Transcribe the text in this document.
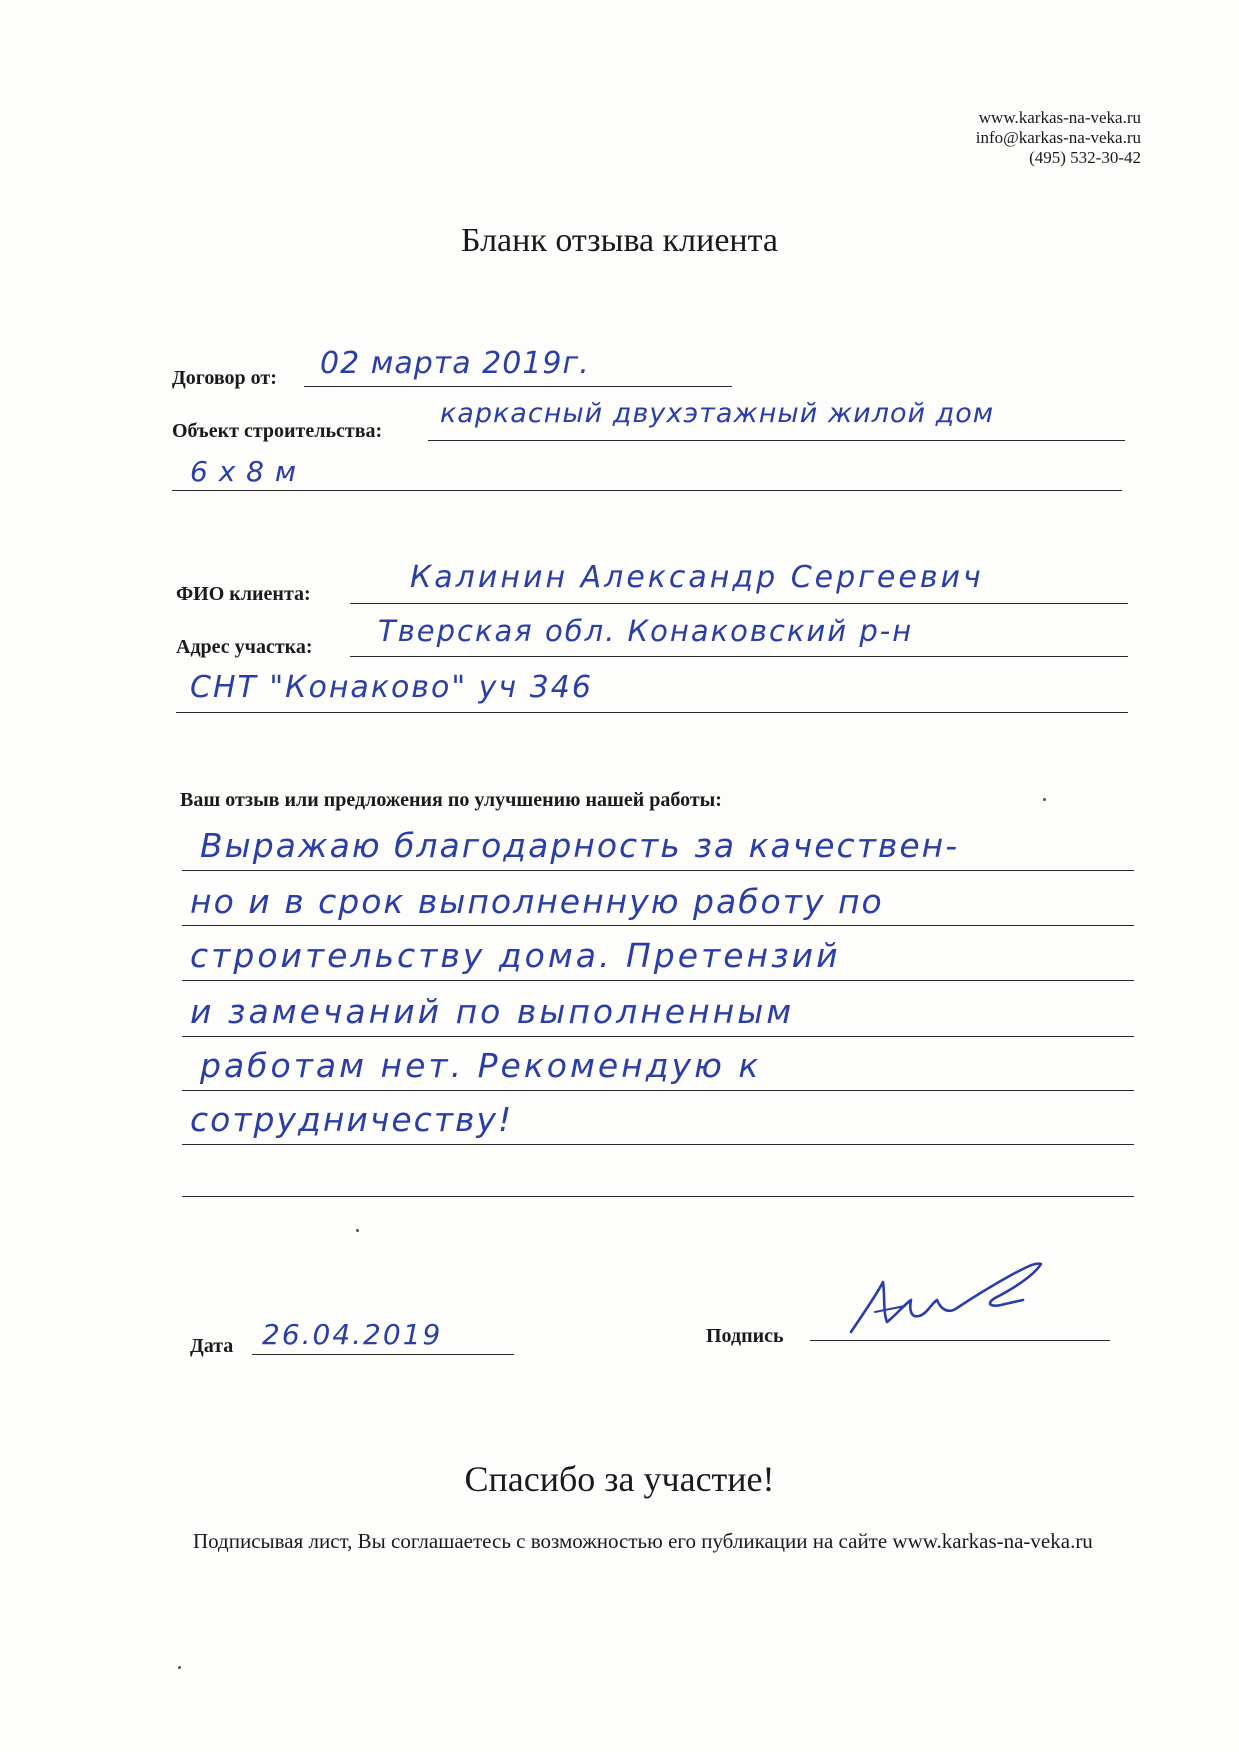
www.karkas-na-veka.ru
info@karkas-na-veka.ru
(495) 532-30-42
Бланк отзыва клиента
Договор от: 02 марта 2019г.
Объект строительства:
каркасный двухэтажный жилой дом
6 х 8 м
ФИО клиента:	Калинин Александр Сергеевич
Адрес участка: Тверская обл. Конаковский р-н
СНТ "Конаково" уч 346
Ваш отзыв или предложения по улучшению нашей работы:
Выражаю благодарность за качествен-
но и в срок выполненную работу по
строительству дома. Претензий
и замечаний по выполненным
работам нет. Рекомендую к
сотрудничеству!
Дата 26.04.2019	Подпись
Спасибо за участие!
Подписывая лист, Вы соглашаетесь с возможностью его публикации на сайте www.karkas-na-veka.ru
